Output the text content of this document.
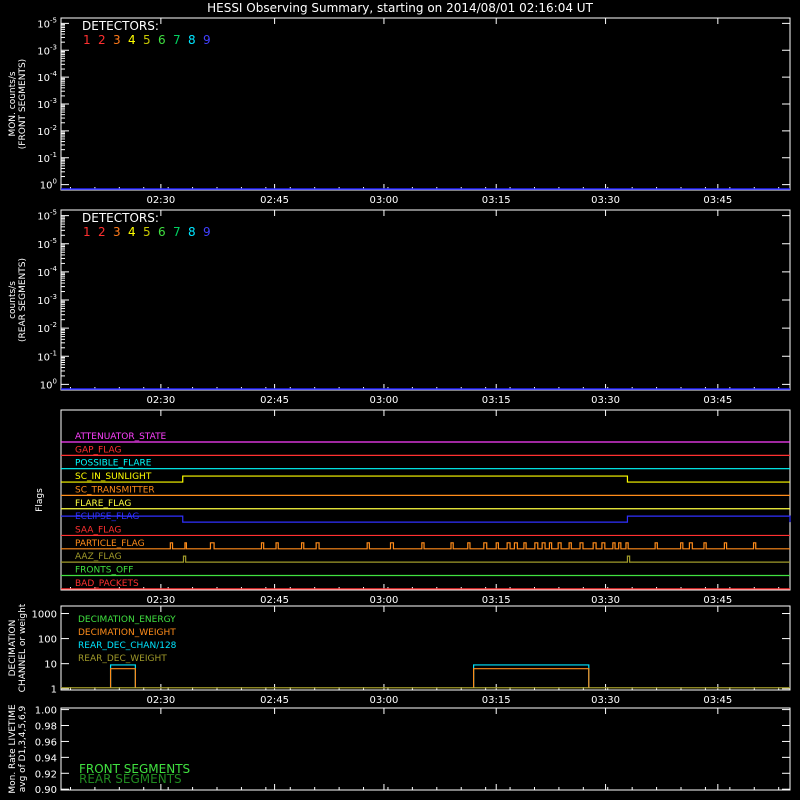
HESSI Observing Summary, starting on 2014/08/01 02:16:04 UT
02:30	02:45	03:00	03:15	03:30	03:45
MON. counts/s (FRONT SEGMENTS)
$10^{-5}$
$10^{-3}$
$10^{-4}$
$10^{-3}$
$10^{-2}$
$10^{-1}$
$10^0$
DETECTORS:
1 2 3 4 5 6 7 8 9
02:30	02:45	03:00	03:15	03:30	03:45
counts/s (REAR SEGMENTS)
$10^{-5}$
$10^{-5}$
$10^{-4}$
$10^{-3}$
$10^{-2}$
$10^{-1}$
$10^0$
DETECTORS:
1 2 3 4 5 6 7 8 9
02:30	02:45	03:00	03:15	03:30	03:45
Flags
ATTENUATOR_STATE
GAP_FLAG
POSSIBLE_FLARE
SC_IN_SUNLIGHT
SC_TRANSMITTER
FLARE_FLAG
ECLIPSE_FLAG
SAA_FLAG
PARTICLE_FLAG
AAZ_FLAG
FRONTS_OFF
BAD_PACKETS
02:30	02:45	03:00	03:15	03:30	03:45
DECIMATION CHANNEL or weight 1000
100
10
1
DECIMATION_ENERGY
DECIMATION_WEIGHT
REAR_DEC_CHAN/128
REAR_DEC_WEIGHT
Mon. Rate LIVETIME avg of D1,3,4,5,6,9 1.00
0.98
0.96
0.94
0.92
0.90
FRONT SEGMENTS
REAR SEGMENTS
